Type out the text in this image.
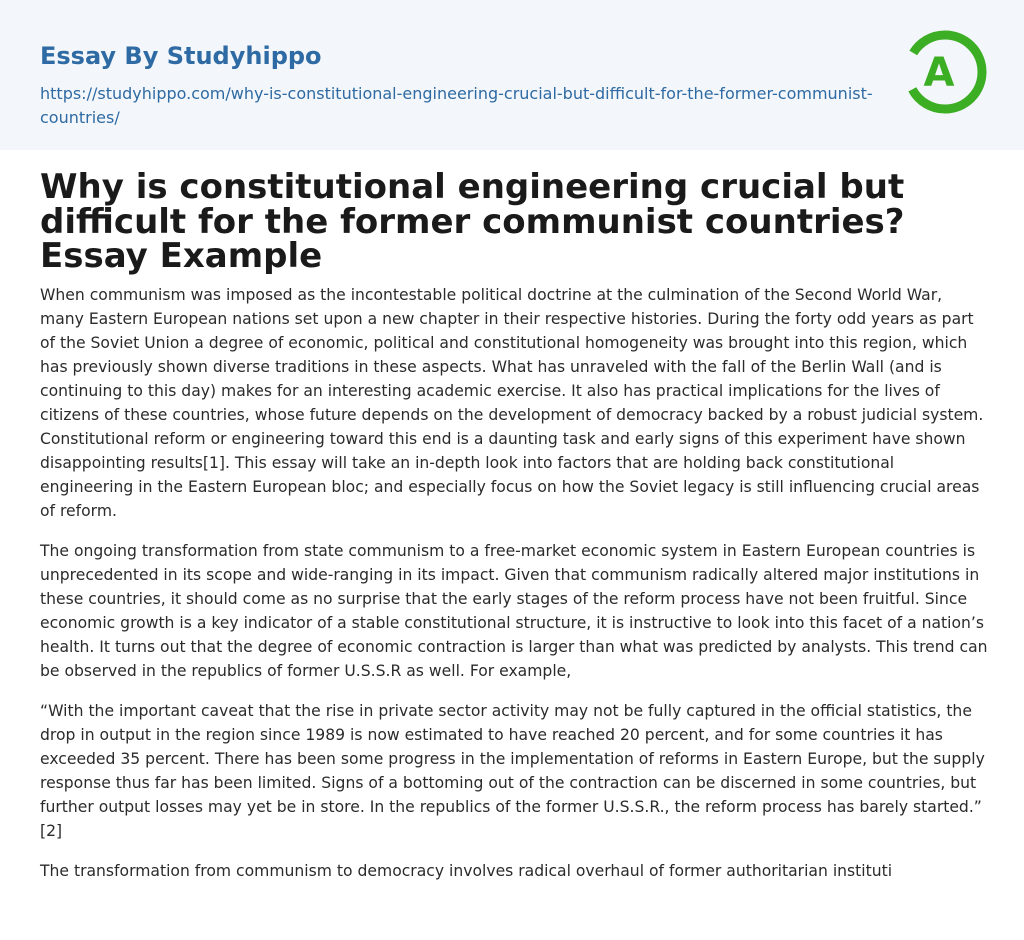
Essay By Studyhippo
https://studyhippo.com/why-is-constitutional-engineering-crucial-but-difficult-for-the-former-communist-countries/
A
Why is constitutional engineering crucial but difficult for the former communist countries? Essay Example

When communism was imposed as the incontestable political doctrine at the culmination of the Second World War, many Eastern European nations set upon a new chapter in their respective histories. During the forty odd years as part of the Soviet Union a degree of economic, political and constitutional homogeneity was brought into this region, which has previously shown diverse traditions in these aspects. What has unraveled with the fall of the Berlin Wall (and is continuing to this day) makes for an interesting academic exercise. It also has practical implications for the lives of citizens of these countries, whose future depends on the development of democracy backed by a robust judicial system. Constitutional reform or engineering toward this end is a daunting task and early signs of this experiment have shown disappointing results[1]. This essay will take an in-depth look into factors that are holding back constitutional engineering in the Eastern European bloc; and especially focus on how the Soviet legacy is still influencing crucial areas of reform.

The ongoing transformation from state communism to a free-market economic system in Eastern European countries is unprecedented in its scope and wide-ranging in its impact. Given that communism radically altered major institutions in these countries, it should come as no surprise that the early stages of the reform process have not been fruitful. Since economic growth is a key indicator of a stable constitutional structure, it is instructive to look into this facet of a nation’s health. It turns out that the degree of economic contraction is larger than what was predicted by analysts. This trend can be observed in the republics of former U.S.S.R as well. For example,

“With the important caveat that the rise in private sector activity may not be fully captured in the official statistics, the drop in output in the region since 1989 is now estimated to have reached 20 percent, and for some countries it has exceeded 35 percent. There has been some progress in the implementation of reforms in Eastern Europe, but the supply response thus far has been limited. Signs of a bottoming out of the contraction can be discerned in some countries, but further output losses may yet be in store. In the republics of the former U.S.S.R., the reform process has barely started.” [2]

The transformation from communism to democracy involves radical overhaul of former authoritarian instituti
